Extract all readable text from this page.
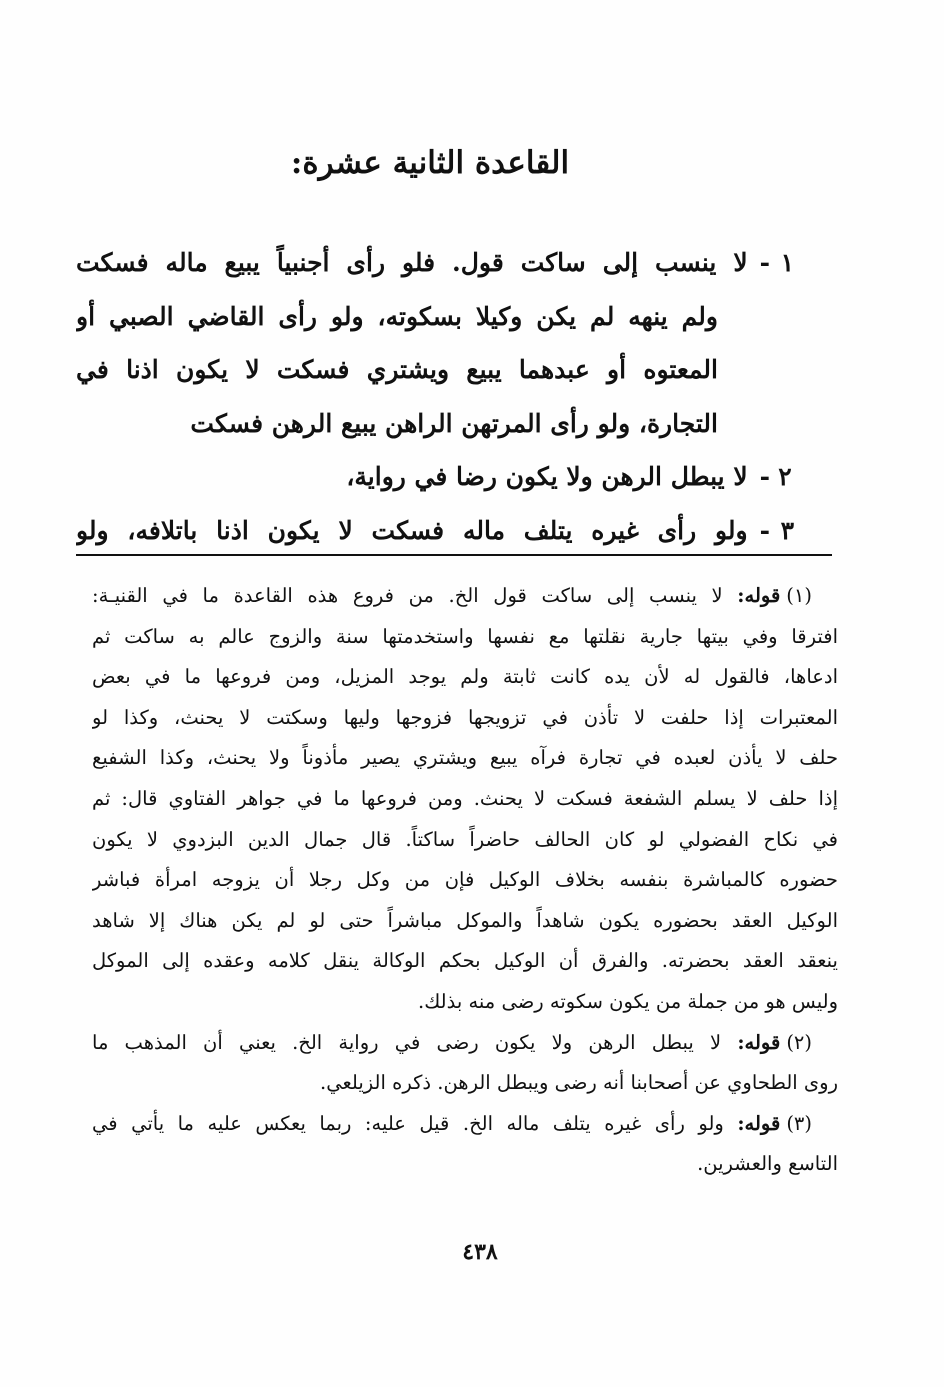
القاعدة الثانية عشرة:
١-لا ينسب إلى ساكت قول. فلو رأى أجنبياً يبيع ماله فسكت
ولم ينهه لم يكن وكيلا بسكوته، ولو رأى القاضي الصبي أو
المعتوه أو عبدهما يبيع ويشتري فسكت لا يكون اذنا في
التجارة، ولو رأى المرتهن الراهن يبيع الرهن فسكت
٢-لا يبطل الرهن ولا يكون رضا في رواية،
٣-ولو رأى غيره يتلف ماله فسكت لا يكون اذنا باتلافه، ولو
(١)قوله: لا ينسب إلى ساكت قول الخ. من فروع هذه القاعدة ما في القنيـة:
افترقا وفي بيتها جارية نقلتها مع نفسها واستخدمتها سنة والزوج عالم به ساكت ثم
ادعاها، فالقول له لأن يده كانت ثابتة ولم يوجد المزيل، ومن فروعها ما في بعض
المعتبرات إذا حلفت لا تأذن في تزويجها فزوجها وليها وسكتت لا يحنث، وكذا لو
حلف لا يأذن لعبده في تجارة فرآه يبيع ويشتري يصير مأذوناً ولا يحنث، وكذا الشفيع
إذا حلف لا يسلم الشفعة فسكت لا يحنث. ومن فروعها ما في جواهر الفتاوي قال: ثم
في نكاح الفضولي لو كان الحالف حاضراً ساكتاً. قال جمال الدين البزدوي لا يكون
حضوره كالمباشرة بنفسه بخلاف الوكيل فإن من وكل رجلا أن يزوجه امرأة فباشر
الوكيل العقد بحضوره يكون شاهداً والموكل مباشراً حتى لو لم يكن هناك إلا شاهد
ينعقد العقد بحضرته. والفرق أن الوكيل بحكم الوكالة ينقل كلامه وعقده إلى الموكل
وليس هو من جملة من يكون سكوته رضى منه بذلك.
(٢)قوله: لا يبطل الرهن ولا يكون رضى في رواية الخ. يعني أن المذهب ما
روى الطحاوي عن أصحابنا أنه رضى ويبطل الرهن. ذكره الزيلعي.
(٣)قوله: ولو رأى غيره يتلف ماله الخ. قيل عليه: ربما يعكس عليه ما يأتي في
التاسع والعشرين.
٤٣٨
